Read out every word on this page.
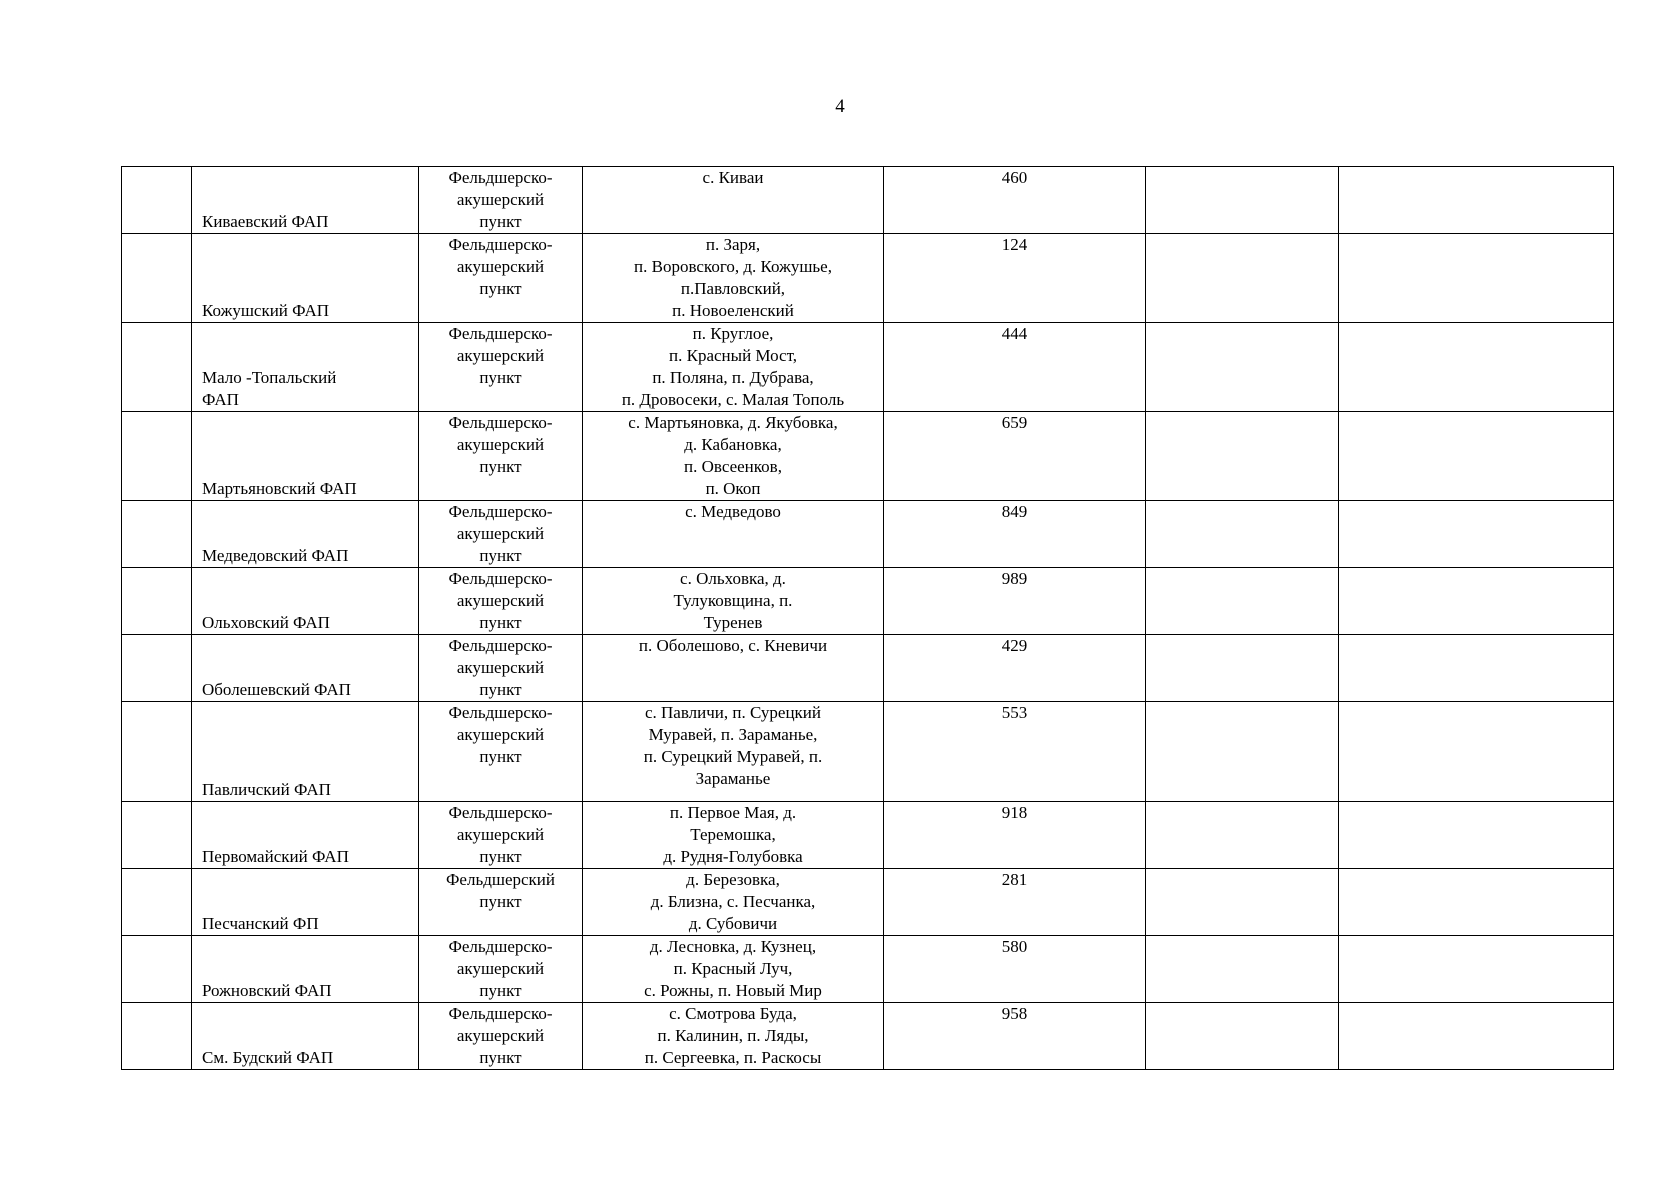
4
	Киваевский ФАП	Фельдшерско-
акушерский
пункт	с. Киваи	460		
	Кожушский ФАП	Фельдшерско-
акушерский
пункт	п. Заря,
п. Воровского, д. Кожушье,
п.Павловский,
п. Новоеленский	124		
	Мало -Топальский
ФАП	Фельдшерско-
акушерский
пункт	п. Круглое,
п. Красный Мост,
п. Поляна, п. Дубрава,
п. Дровосеки, с. Малая Тополь	444		
	Мартьяновский ФАП	Фельдшерско-
акушерский
пункт	с. Мартьяновка, д. Якубовка,
д. Кабановка,
п. Овсеенков,
п. Окоп	659		
	Медведовский ФАП	Фельдшерско-
акушерский
пункт	с. Медведово	849		
	Ольховский ФАП	Фельдшерско-
акушерский
пункт	с. Ольховка, д.
Тулуковщина, п.
Туренев	989		
	Оболешевский ФАП	Фельдшерско-
акушерский
пункт	п. Оболешово, с. Кневичи	429		
	Павличский ФАП	Фельдшерско-
акушерский
пункт	с. Павличи, п. Сурецкий
Муравей, п. Зараманье,
п. Сурецкий Муравей, п.
Зараманье	553		
	Первомайский ФАП	Фельдшерско-
акушерский
пункт	п. Первое Мая, д.
Теремошка,
д. Рудня-Голубовка	918		
	Песчанский ФП	Фельдшерский
пункт	д. Березовка,
д. Близна, с. Песчанка,
д. Субовичи	281		
	Рожновский ФАП	Фельдшерско-
акушерский
пункт	д. Лесновка, д. Кузнец,
п. Красный Луч,
с. Рожны, п. Новый Мир	580		
	См. Будский ФАП	Фельдшерско-
акушерский
пункт	с. Смотрова Буда,
п. Калинин, п. Ляды,
п. Сергеевка, п. Раскосы	958		
